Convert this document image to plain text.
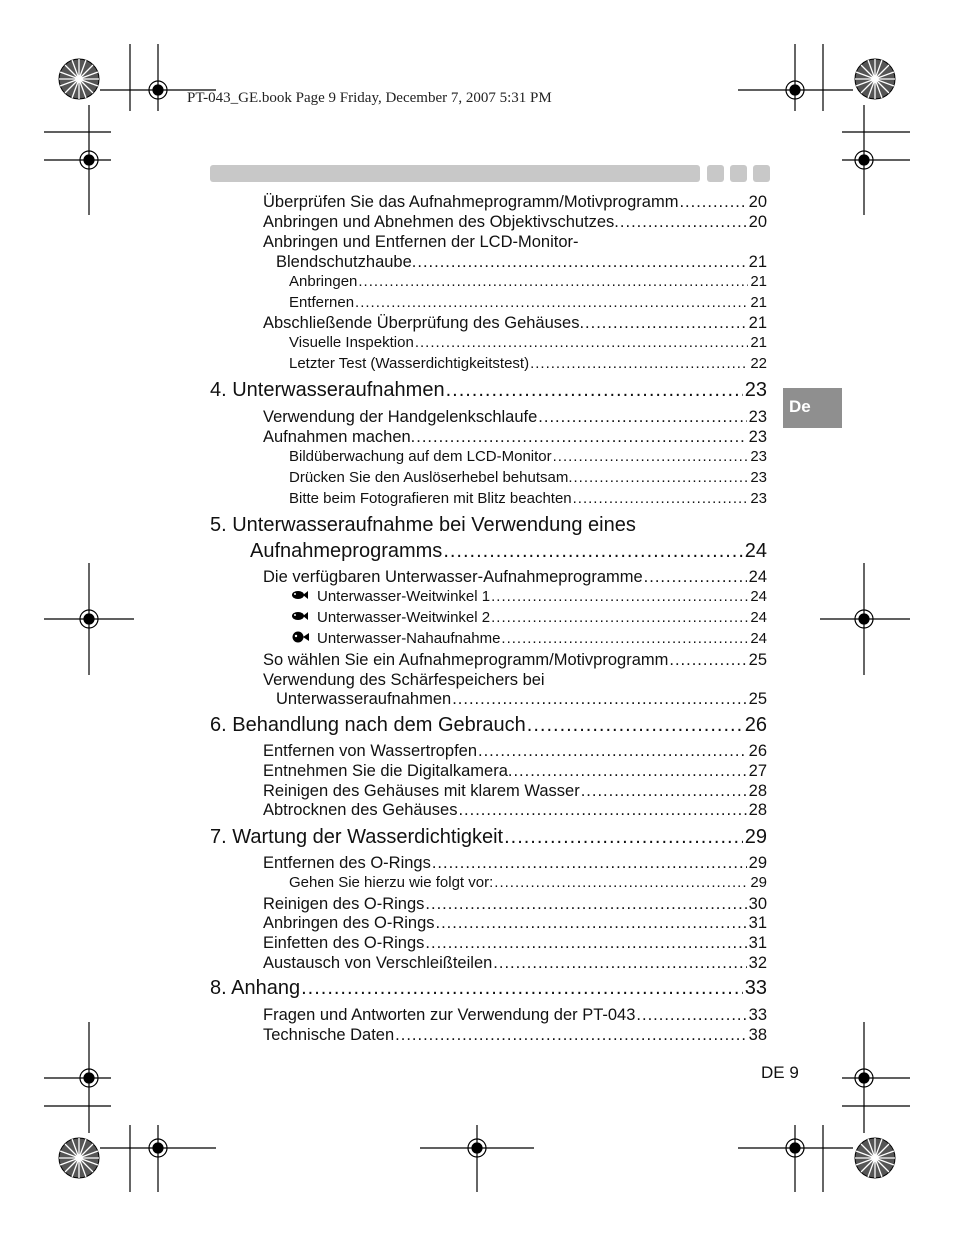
PT-043_GE.book Page 9 Friday, December 7, 2007 5:31 PM
De
Überprüfen Sie das Aufnahmeprogramm/Motivprogramm .....	20
Anbringen und Abnehmen des Objektivschutzes. .....	20
Anbringen und Entfernen der LCD-Monitor-
Blendschutzhaube. .....	21
Anbringen .....	21
Entfernen .....	21
Abschließende Überprüfung des Gehäuses. .....	21
Visuelle Inspektion .....	21
Letzter Test (Wasserdichtigkeitstest) .....	22
4. Unterwasseraufnahmen .....	23
Verwendung der Handgelenkschlaufe .....	23
Aufnahmen machen. .....	23
Bildüberwachung auf dem LCD-Monitor .....	23
Drücken Sie den Auslöserhebel behutsam. .....	23
Bitte beim Fotografieren mit Blitz beachten .....	23
5. Unterwasseraufnahme bei Verwendung eines
Aufnahmeprogramms .....	24
Die verfügbaren Unterwasser-Aufnahmeprogramme .....	24
Unterwasser-Weitwinkel 1 .....	24
Unterwasser-Weitwinkel 2 .....	24
Unterwasser-Nahaufnahme .....	24
So wählen Sie ein Aufnahmeprogramm/Motivprogramm .....	25
Verwendung des Schärfespeichers bei
Unterwasseraufnahmen .....	25
6. Behandlung nach dem Gebrauch .....	26
Entfernen von Wassertropfen .....	26
Entnehmen Sie die Digitalkamera. .....	27
Reinigen des Gehäuses mit klarem Wasser .....	28
Abtrocknen des Gehäuses .....	28
7. Wartung der Wasserdichtigkeit .....	29
Entfernen des O-Rings .....	29
Gehen Sie hierzu wie folgt vor: .....	29
Reinigen des O-Rings .....	30
Anbringen des O-Rings .....	31
Einfetten des O-Rings .....	31
Austausch von Verschleißteilen .....	32
8. Anhang .....	33
Fragen und Antworten zur Verwendung der PT-043 .....	33
Technische Daten .....	38
DE 9
